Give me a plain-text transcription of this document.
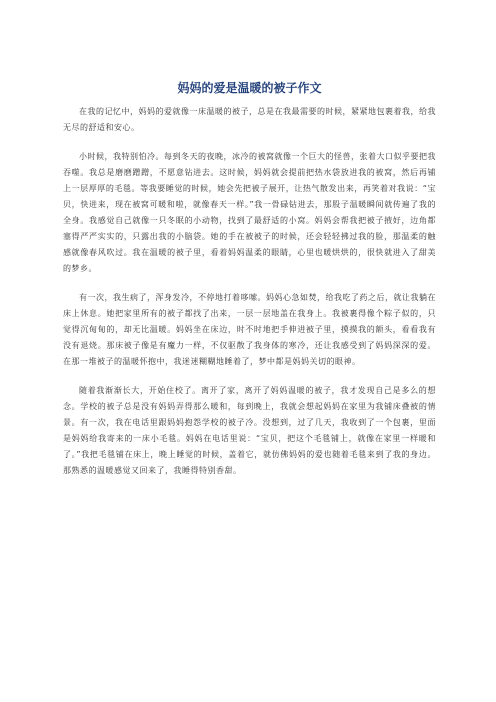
妈妈的爱是温暖的被子作文

在我的记忆中，妈妈的爱就像一床温暖的被子，总是在我最需要的时候，紧紧地包裹着我，给我无尽的舒适和安心。

小时候，我特别怕冷。每到冬天的夜晚，冰冷的被窝就像一个巨大的怪兽，张着大口似乎要把我吞噬。我总是磨磨蹭蹭，不愿意钻进去。这时候，妈妈就会提前把热水袋放进我的被窝，然后再铺上一层厚厚的毛毯。等我要睡觉的时候，她会先把被子展开，让热气散发出来，再笑着对我说：“宝贝，快进来，现在被窝可暖和啦，就像春天一样。”我一骨碌钻进去，那股子温暖瞬间就传遍了我的全身。我感觉自己就像一只冬眠的小动物，找到了最舒适的小窝。妈妈会帮我把被子掖好，边角都塞得严严实实的，只露出我的小脑袋。她的手在被被子的时候，还会轻轻拂过我的脸，那温柔的触感就像春风吹过。我在温暖的被子里，看着妈妈温柔的眼睛，心里也暖烘烘的，很快就进入了甜美的梦乡。

有一次，我生病了，浑身发冷，不停地打着哆嗦。妈妈心急如焚，给我吃了药之后，就让我躺在床上休息。她把家里所有的被子都找了出来，一层一层地盖在我身上。我被裹得像个粽子似的，只觉得沉甸甸的，却无比温暖。妈妈坐在床边，时不时地把手伸进被子里，摸摸我的额头，看看我有没有退烧。那床被子像是有魔力一样，不仅驱散了我身体的寒冷，还让我感受到了妈妈深深的爱。在那一堆被子的温暖怀抱中，我迷迷糊糊地睡着了，梦中都是妈妈关切的眼神。

随着我渐渐长大，开始住校了。离开了家，离开了妈妈温暖的被子，我才发现自己是多么的想念。学校的被子总是没有妈妈弄得那么暖和，每到晚上，我就会想起妈妈在家里为我铺床叠被的情景。有一次，我在电话里跟妈妈抱怨学校的被子冷。没想到，过了几天，我收到了一个包裹，里面是妈妈给我寄来的一床小毛毯。妈妈在电话里说：“宝贝，把这个毛毯铺上，就像在家里一样暖和了。”我把毛毯铺在床上，晚上睡觉的时候，盖着它，就仿佛妈妈的爱也随着毛毯来到了我的身边。那熟悉的温暖感觉又回来了，我睡得特别香甜。
